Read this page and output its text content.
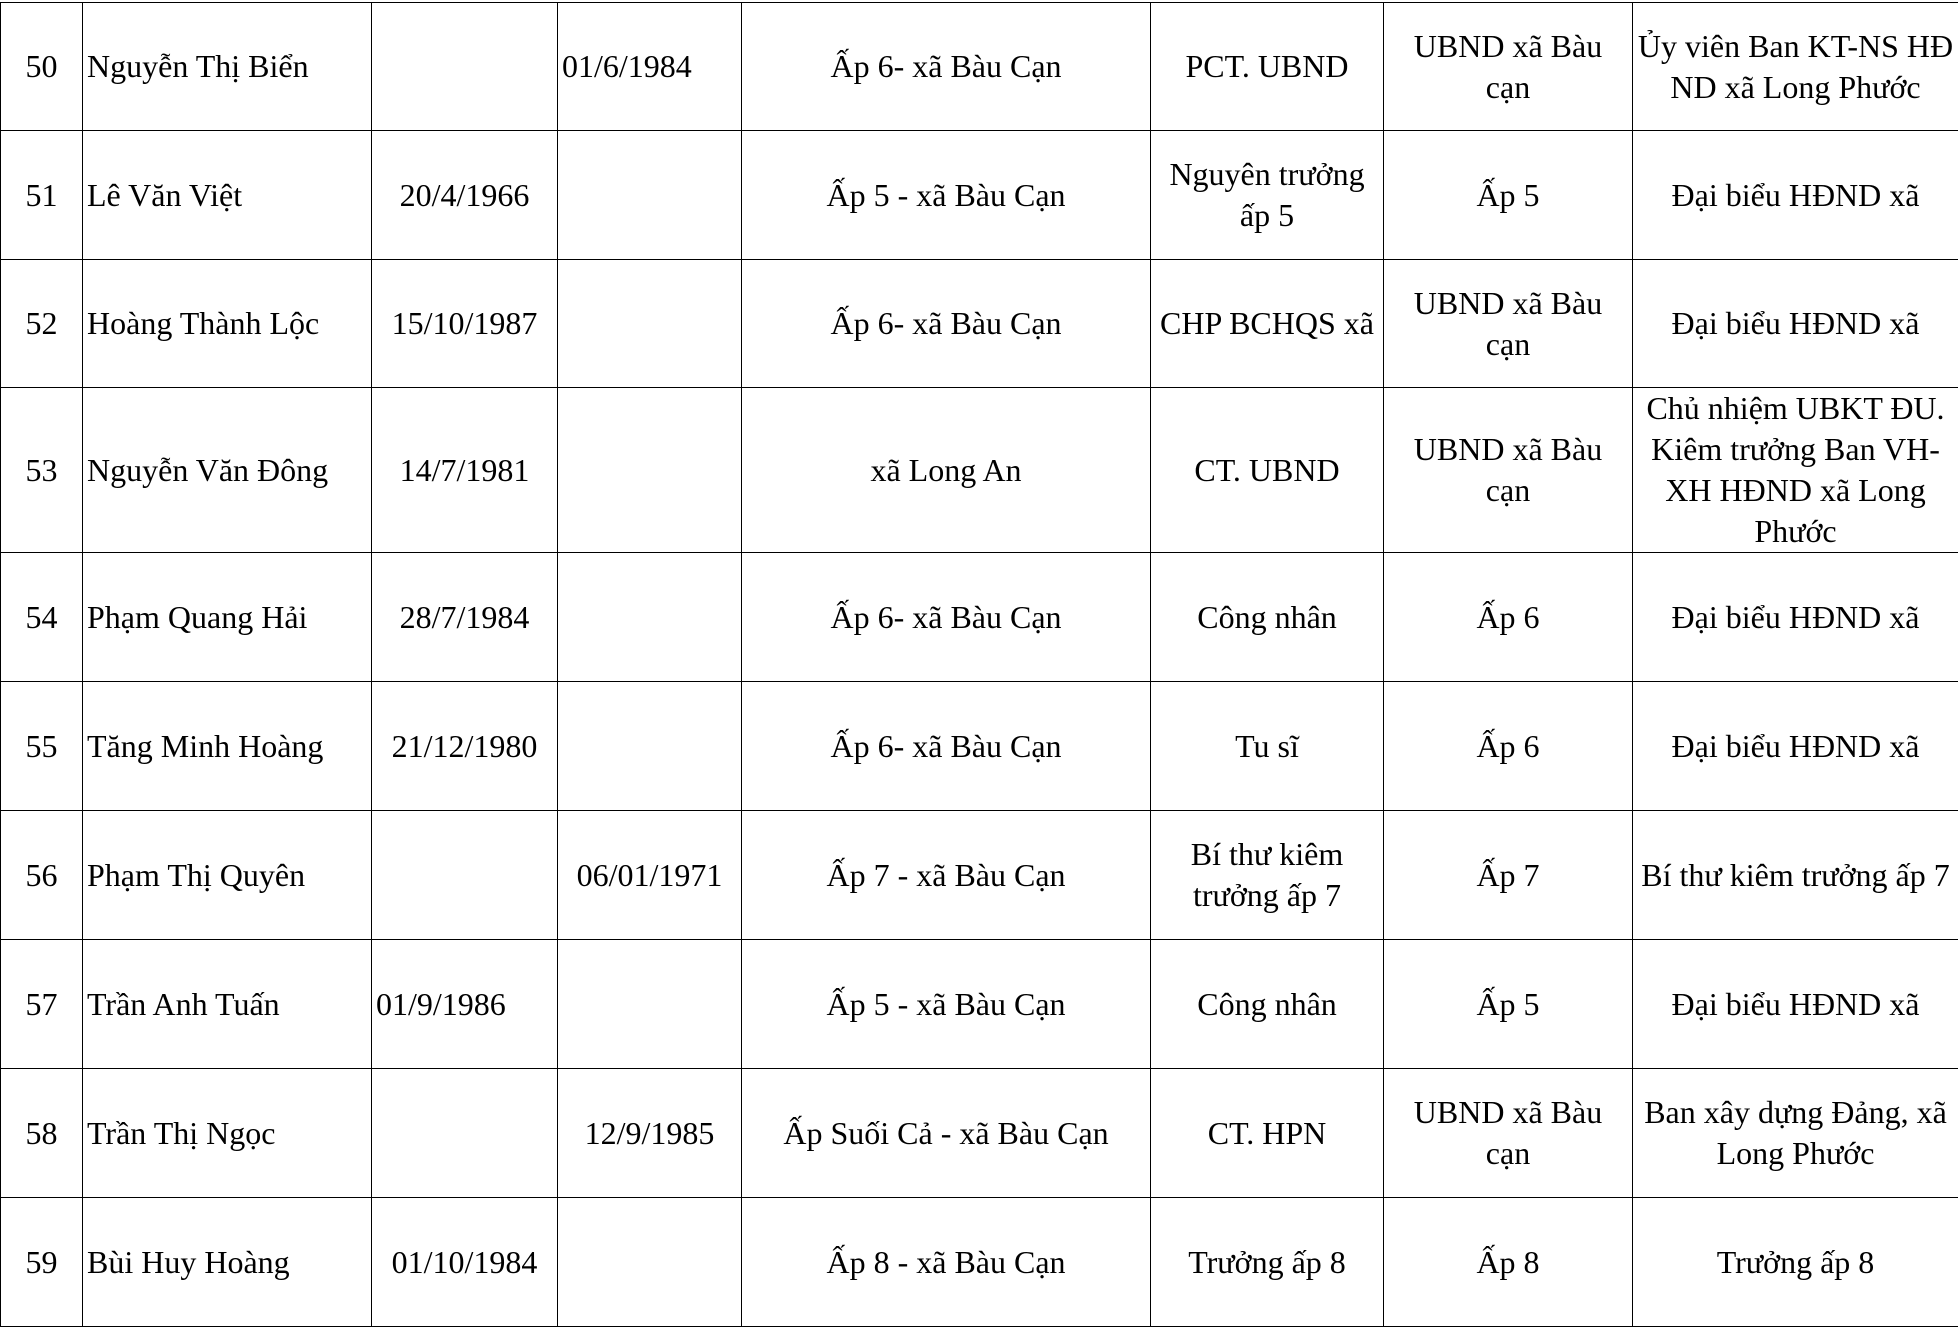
50	Nguyễn Thị Biển		01/6/1984	Ấp 6- xã Bàu Cạn	PCT. UBND	UBND xã Bàu cạn	Ủy viên Ban KT-NS HĐ ND xã Long Phước
51	Lê Văn Việt	20/4/1966		Ấp 5 - xã Bàu Cạn	Nguyên trưởng ấp 5	Ấp 5	Đại biểu HĐND xã
52	Hoàng Thành Lộc	15/10/1987		Ấp 6- xã Bàu Cạn	CHP BCHQS xã	UBND xã Bàu cạn	Đại biểu HĐND xã
53	Nguyễn Văn Đông	14/7/1981		xã Long An	CT. UBND	UBND xã Bàu cạn	Chủ nhiệm UBKT ĐU. Kiêm trưởng Ban VH-XH HĐND xã Long Phước
54	Phạm Quang Hải	28/7/1984		Ấp 6- xã Bàu Cạn	Công nhân	Ấp 6	Đại biểu HĐND xã
55	Tăng Minh Hoàng	21/12/1980		Ấp 6- xã Bàu Cạn	Tu sĩ	Ấp 6	Đại biểu HĐND xã
56	Phạm Thị Quyên		06/01/1971	Ấp 7 - xã Bàu Cạn	Bí thư kiêm trưởng ấp 7	Ấp 7	Bí thư kiêm trưởng ấp 7
57	Trần Anh Tuấn	01/9/1986		Ấp 5 - xã Bàu Cạn	Công nhân	Ấp 5	Đại biểu HĐND xã
58	Trần Thị Ngọc		12/9/1985	Ấp Suối Cả - xã Bàu Cạn	CT. HPN	UBND xã Bàu cạn	Ban xây dựng Đảng, xã Long Phước
59	Bùi Huy Hoàng	01/10/1984		Ấp 8 - xã Bàu Cạn	Trưởng ấp 8	Ấp 8	Trưởng ấp 8
